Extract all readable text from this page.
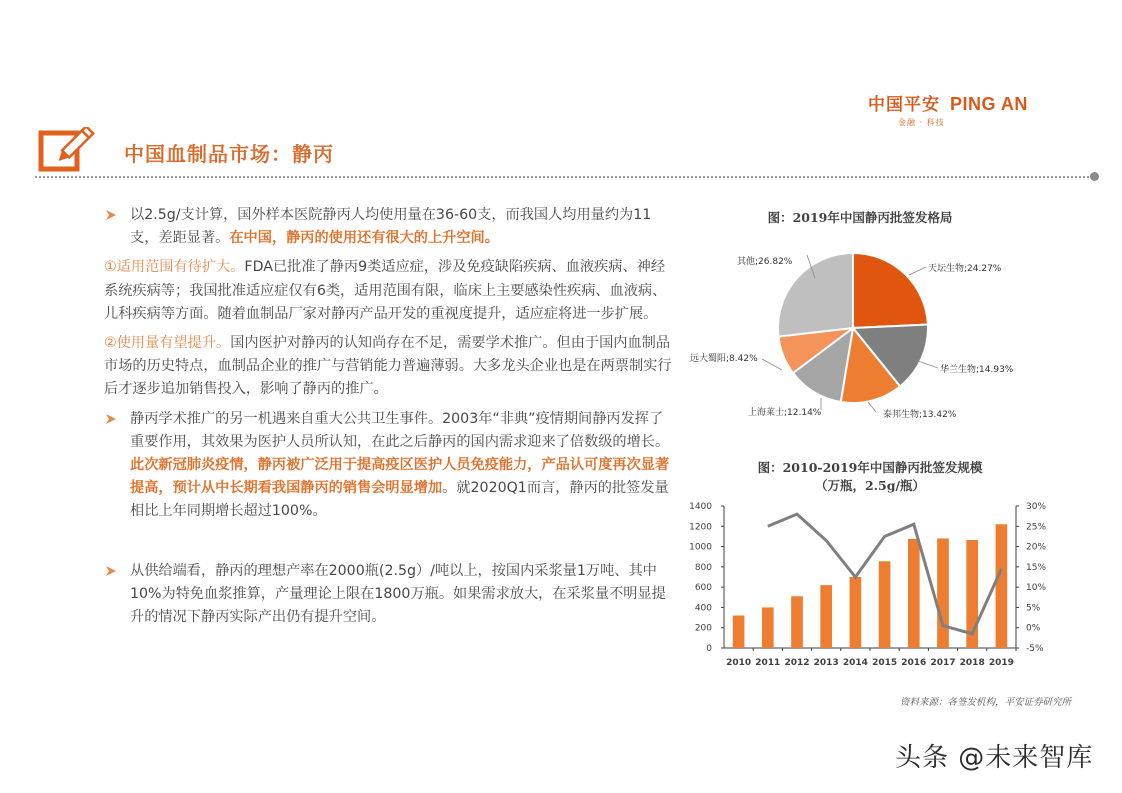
中国平安 PING AN
金融 · 科技
中国血制品市场：静丙
以2.5g/支计算，国外样本医院静丙人均使用量在36-60支，而我国人均用量约为11支，差距显著。在中国，静丙的使用还有很大的上升空间。
①适用范围有待扩大。FDA已批准了静丙9类适应症，涉及免疫缺陷疾病、血液疾病、神经系统疾病等；我国批准适应症仅有6类，适用范围有限，临床上主要感染性疾病、血液病、儿科疾病等方面。随着血制品厂家对静丙产品开发的重视度提升，适应症将进一步扩展。
②使用量有望提升。国内医护对静丙的认知尚存在不足，需要学术推广。但由于国内血制品市场的历史特点，血制品企业的推广与营销能力普遍薄弱。大多龙头企业也是在两票制实行后才逐步追加销售投入，影响了静丙的推广。
静丙学术推广的另一机遇来自重大公共卫生事件。2003年“非典”疫情期间静丙发挥了重要作用，其效果为医护人员所认知，在此之后静丙的国内需求迎来了倍数级的增长。此次新冠肺炎疫情，静丙被广泛用于提高疫区医护人员免疫能力，产品认可度再次显著提高，预计从中长期看我国静丙的销售会明显增加。就2020Q1而言，静丙的批签发量相比上年同期增长超过100%。
从供给端看，静丙的理想产率在2000瓶(2.5g）/吨以上，按国内采浆量1万吨、其中10%为特免血浆推算，产量理论上限在1800万瓶。如果需求放大，在采浆量不明显提升的情况下静丙实际产出仍有提升空间。
图：2019年中国静丙批签发格局
天坛生物;24.27%
华兰生物;14.93%
泰邦生物;13.42%
上海莱士;12.14%
远大蜀阳;8.42%
其他;26.82%
图：2010-2019年中国静丙批签发规模
（万瓶，2.5g/瓶）
0
200
400
600
800
1000
1200
1400
-5%
0%
5%
10%
15%
20%
25%
30%
2010 2011 2012 2013 2014 2015 2016 2017 2018 2019
资料来源：各签发机构，平安证券研究所
头条 @未来智库
